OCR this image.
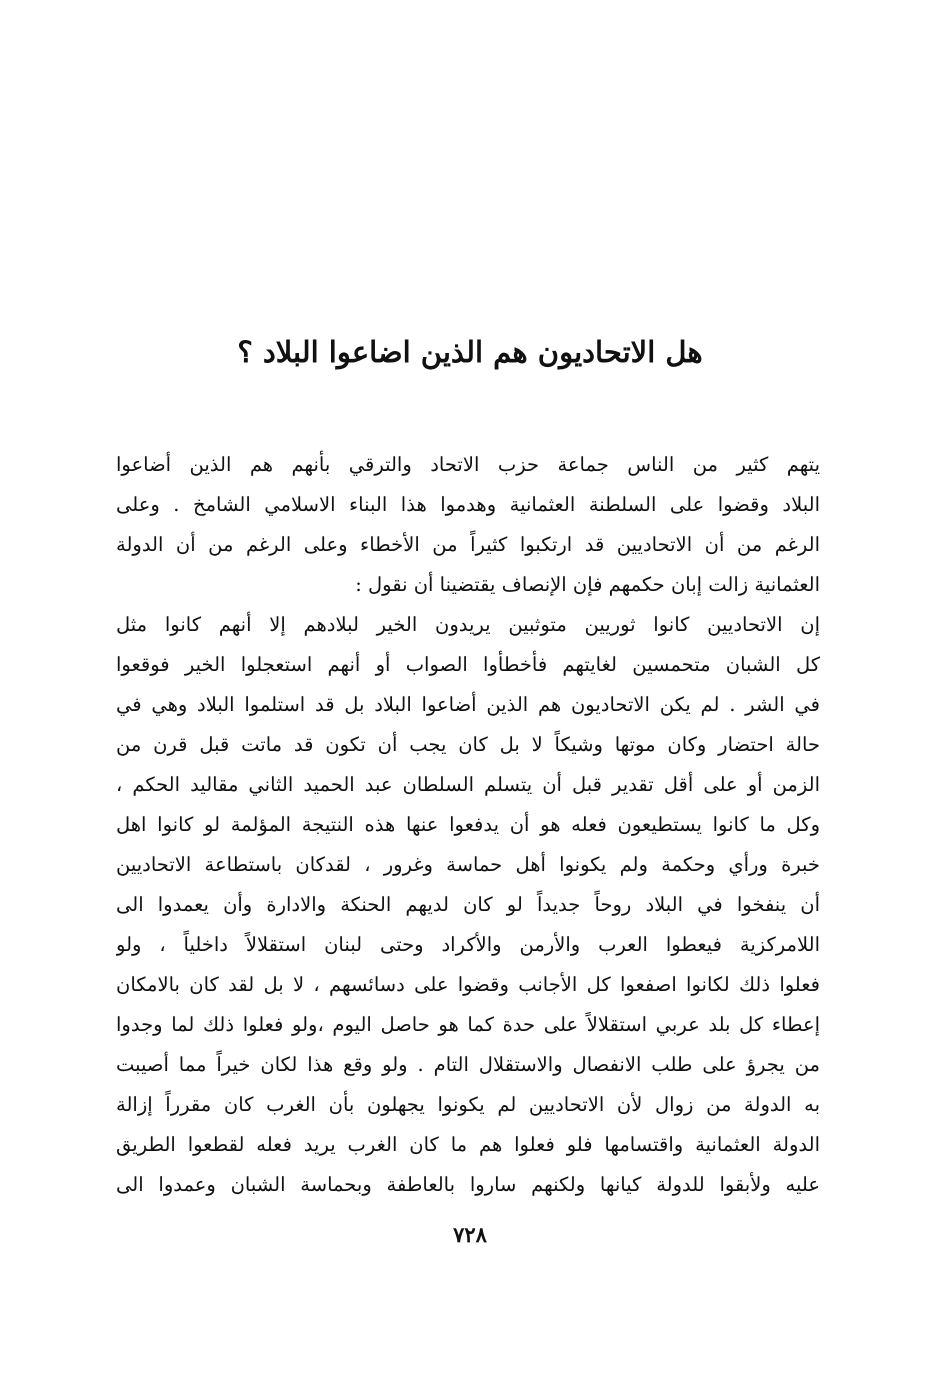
هل الاتحاديون هم الذين اضاعوا البلاد ؟
يتهم كثير من الناس جماعة حزب الاتحاد والترقي بأنهم هم الذين أضاعوا
البلاد وقضوا على السلطنة العثمانية وهدموا هذا البناء الاسلامي الشامخ . وعلى
الرغم من أن الاتحاديين قد ارتكبوا كثيراً من الأخطاء وعلى الرغم من أن الدولة
العثمانية زالت إبان حكمهم فإن الإنصاف يقتضينا أن نقول :
إن الاتحاديين كانوا ثوريين متوثبين يريدون الخير لبلادهم إلا أنهم كانوا مثل
كل الشبان متحمسين لغايتهم فأخطأوا الصواب أو أنهم استعجلوا الخير فوقعوا
في الشر . لم يكن الاتحاديون هم الذين أضاعوا البلاد بل قد استلموا البلاد وهي في
حالة احتضار وكان موتها وشيكاً لا بل كان يجب أن تكون قد ماتت قبل قرن من
الزمن أو على أقل تقدير قبل أن يتسلم السلطان عبد الحميد الثاني مقاليد الحكم ،
وكل ما كانوا يستطيعون فعله هو أن يدفعوا عنها هذه النتيجة المؤلمة لو كانوا اهل
خبرة ورأي وحكمة ولم يكونوا أهل حماسة وغرور ، لقدكان باستطاعة الاتحاديين
أن ينفخوا في البلاد روحاً جديداً لو كان لديهم الحنكة والادارة وأن يعمدوا الى
اللامركزية فيعطوا العرب والأرمن والأكراد وحتى لبنان استقلالاً داخلياً ، ولو
فعلوا ذلك لكانوا اصفعوا كل الأجانب وقضوا على دسائسهم ، لا بل لقد كان بالامكان
إعطاء كل بلد عربي استقلالاً على حدة كما هو حاصل اليوم ،ولو فعلوا ذلك لما وجدوا
من يجرؤ على طلب الانفصال والاستقلال التام . ولو وقع هذا لكان خيراً مما أصيبت
به الدولة من زوال لأن الاتحاديين لم يكونوا يجهلون بأن الغرب كان مقرراً إزالة
الدولة العثمانية واقتسامها فلو فعلوا هم ما كان الغرب يريد فعله لقطعوا الطريق
عليه ولأبقوا للدولة كيانها ولكنهم ساروا بالعاطفة وبحماسة الشبان وعمدوا الى
٧٢٨
